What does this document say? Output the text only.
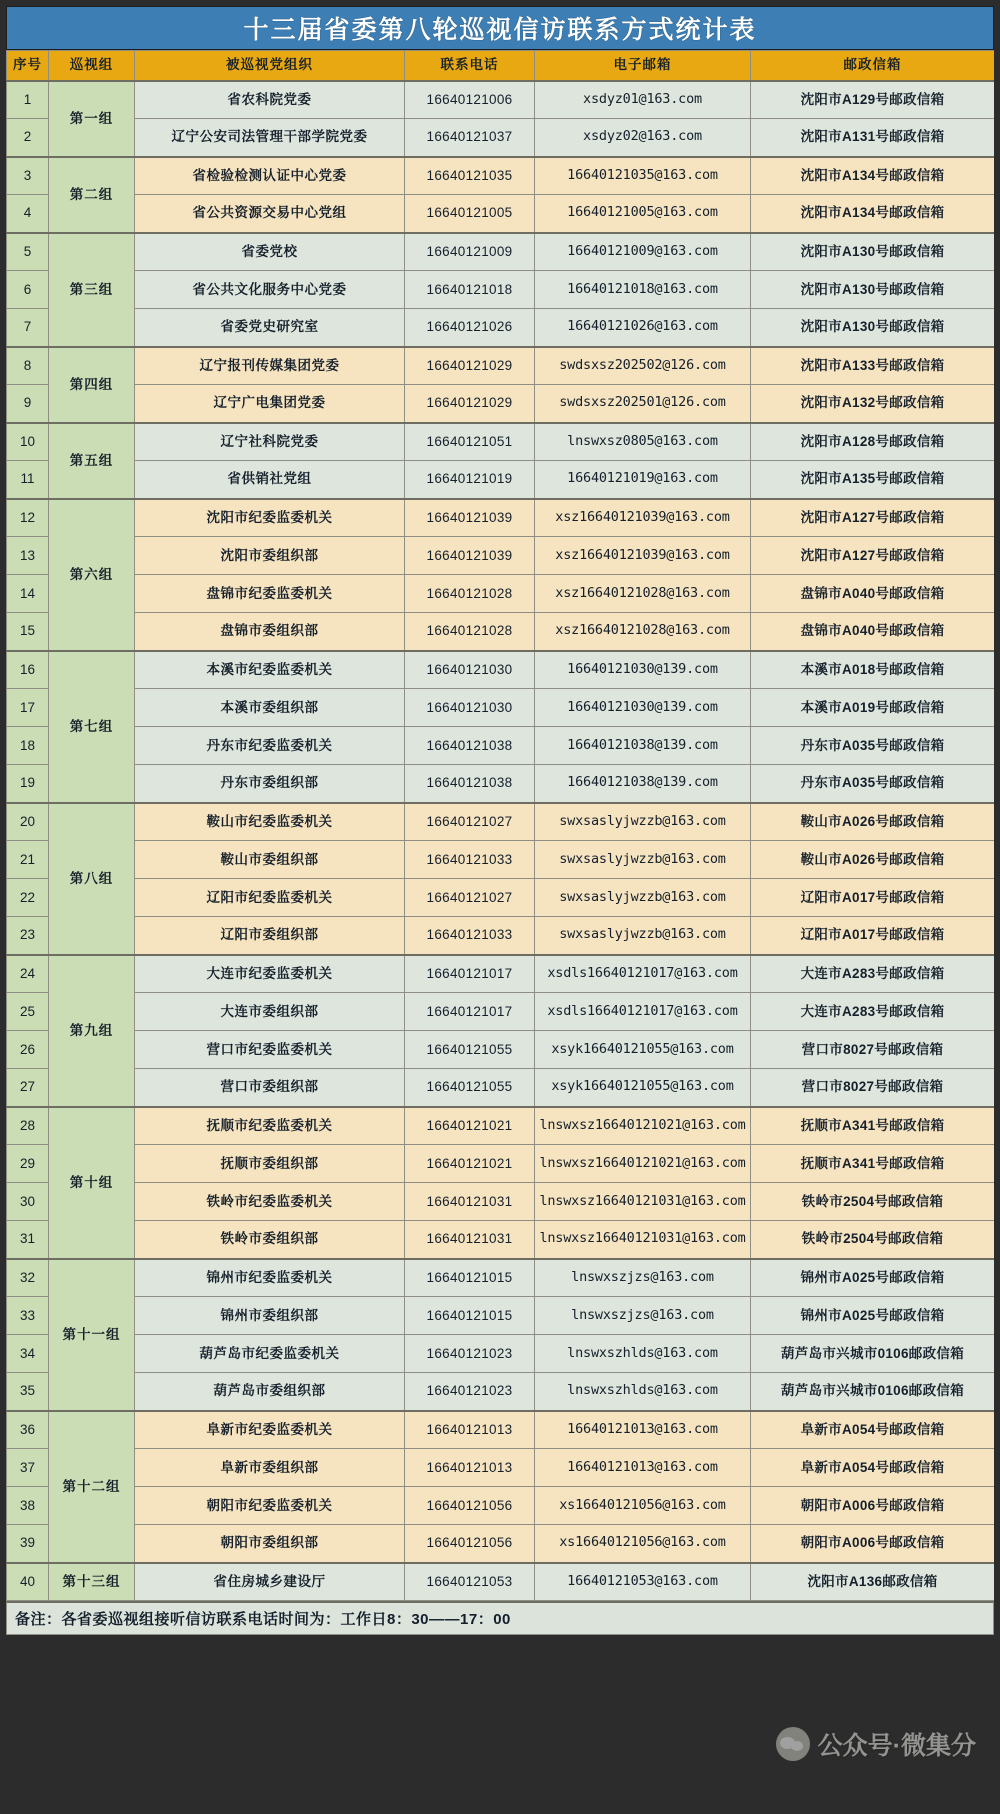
十三届省委第八轮巡视信访联系方式统计表
序号	巡视组	被巡视党组织	联系电话	电子邮箱	邮政信箱
1	第一组	省农科院党委	16640121006	xsdyz01@163.com	沈阳市A129号邮政信箱
2		辽宁公安司法管理干部学院党委	16640121037	xsdyz02@163.com	沈阳市A131号邮政信箱
3	第二组	省检验检测认证中心党委	16640121035	16640121035@163.com	沈阳市A134号邮政信箱
4		省公共资源交易中心党组	16640121005	16640121005@163.com	沈阳市A134号邮政信箱
5	第三组	省委党校	16640121009	16640121009@163.com	沈阳市A130号邮政信箱
6		省公共文化服务中心党委	16640121018	16640121018@163.com	沈阳市A130号邮政信箱
7		省委党史研究室	16640121026	16640121026@163.com	沈阳市A130号邮政信箱
8	第四组	辽宁报刊传媒集团党委	16640121029	swdsxsz202502@126.com	沈阳市A133号邮政信箱
9		辽宁广电集团党委	16640121029	swdsxsz202501@126.com	沈阳市A132号邮政信箱
10	第五组	辽宁社科院党委	16640121051	lnswxsz0805@163.com	沈阳市A128号邮政信箱
11		省供销社党组	16640121019	16640121019@163.com	沈阳市A135号邮政信箱
12	第六组	沈阳市纪委监委机关	16640121039	xsz16640121039@163.com	沈阳市A127号邮政信箱
13		沈阳市委组织部	16640121039	xsz16640121039@163.com	沈阳市A127号邮政信箱
14		盘锦市纪委监委机关	16640121028	xsz16640121028@163.com	盘锦市A040号邮政信箱
15		盘锦市委组织部	16640121028	xsz16640121028@163.com	盘锦市A040号邮政信箱
16	第七组	本溪市纪委监委机关	16640121030	16640121030@139.com	本溪市A018号邮政信箱
17		本溪市委组织部	16640121030	16640121030@139.com	本溪市A019号邮政信箱
18		丹东市纪委监委机关	16640121038	16640121038@139.com	丹东市A035号邮政信箱
19		丹东市委组织部	16640121038	16640121038@139.com	丹东市A035号邮政信箱
20	第八组	鞍山市纪委监委机关	16640121027	swxsaslyjwzzb@163.com	鞍山市A026号邮政信箱
21		鞍山市委组织部	16640121033	swxsaslyjwzzb@163.com	鞍山市A026号邮政信箱
22		辽阳市纪委监委机关	16640121027	swxsaslyjwzzb@163.com	辽阳市A017号邮政信箱
23		辽阳市委组织部	16640121033	swxsaslyjwzzb@163.com	辽阳市A017号邮政信箱
24	第九组	大连市纪委监委机关	16640121017	xsdls16640121017@163.com	大连市A283号邮政信箱
25		大连市委组织部	16640121017	xsdls16640121017@163.com	大连市A283号邮政信箱
26		营口市纪委监委机关	16640121055	xsyk16640121055@163.com	营口市8027号邮政信箱
27		营口市委组织部	16640121055	xsyk16640121055@163.com	营口市8027号邮政信箱
28	第十组	抚顺市纪委监委机关	16640121021	lnswxsz16640121021@163.com	抚顺市A341号邮政信箱
29		抚顺市委组织部	16640121021	lnswxsz16640121021@163.com	抚顺市A341号邮政信箱
30		铁岭市纪委监委机关	16640121031	lnswxsz16640121031@163.com	铁岭市2504号邮政信箱
31		铁岭市委组织部	16640121031	lnswxsz16640121031@163.com	铁岭市2504号邮政信箱
32	第十一组	锦州市纪委监委机关	16640121015	lnswxszjzs@163.com	锦州市A025号邮政信箱
33		锦州市委组织部	16640121015	lnswxszjzs@163.com	锦州市A025号邮政信箱
34		葫芦岛市纪委监委机关	16640121023	lnswxszhlds@163.com	葫芦岛市兴城市0106邮政信箱
35		葫芦岛市委组织部	16640121023	lnswxszhlds@163.com	葫芦岛市兴城市0106邮政信箱
36	第十二组	阜新市纪委监委机关	16640121013	16640121013@163.com	阜新市A054号邮政信箱
37		阜新市委组织部	16640121013	16640121013@163.com	阜新市A054号邮政信箱
38		朝阳市纪委监委机关	16640121056	xs16640121056@163.com	朝阳市A006号邮政信箱
39		朝阳市委组织部	16640121056	xs16640121056@163.com	朝阳市A006号邮政信箱
40	第十三组	省住房城乡建设厅	16640121053	16640121053@163.com	沈阳市A136邮政信箱
备注：各省委巡视组接听信访联系电话时间为：工作日8：30——17：00
公众号·微集分
